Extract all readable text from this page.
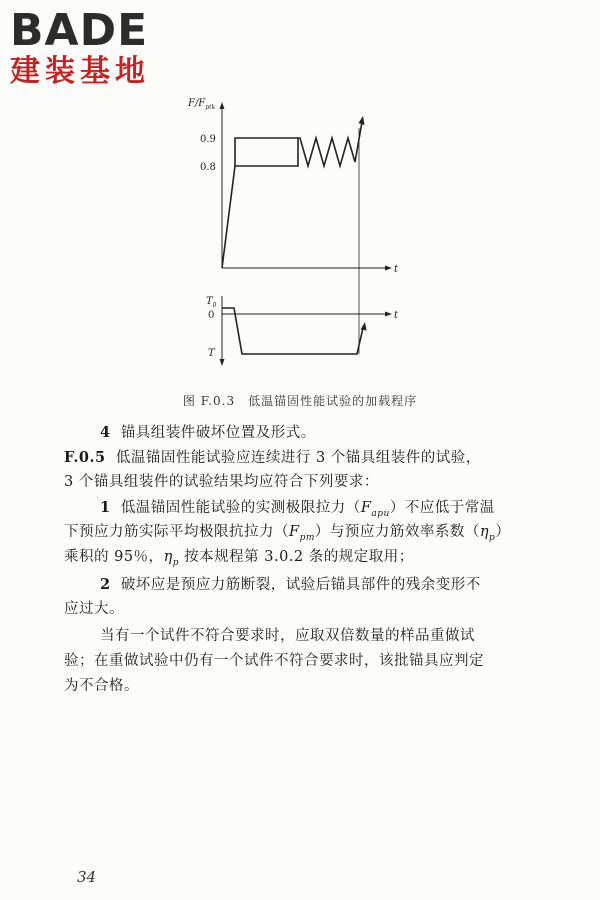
BADE
建装基地
$F/F_{ptk}$
0.9
0.8
t
$T_0$
0
T
t
图 F.0.3　低温锚固性能试验的加载程序
4 锚具组装件破坏位置及形式。
F.0.5 低温锚固性能试验应连续进行 3 个锚具组装件的试验，
3 个锚具组装件的试验结果均应符合下列要求：
1 低温锚固性能试验的实测极限拉力$(F_{apu})$不应低于常温
下预应力筋实际平均极限抗拉力$(F_{pm})$与预应力筋效率系数$(\eta_p)$
乘积的 95％，$\eta_p$ 按本规程第 3.0.2 条的规定取用；
2 破坏应是预应力筋断裂，试验后锚具部件的残余变形不
应过大。
当有一个试件不符合要求时，应取双倍数量的样品重做试
验；在重做试验中仍有一个试件不符合要求时，该批锚具应判定
为不合格。
34
